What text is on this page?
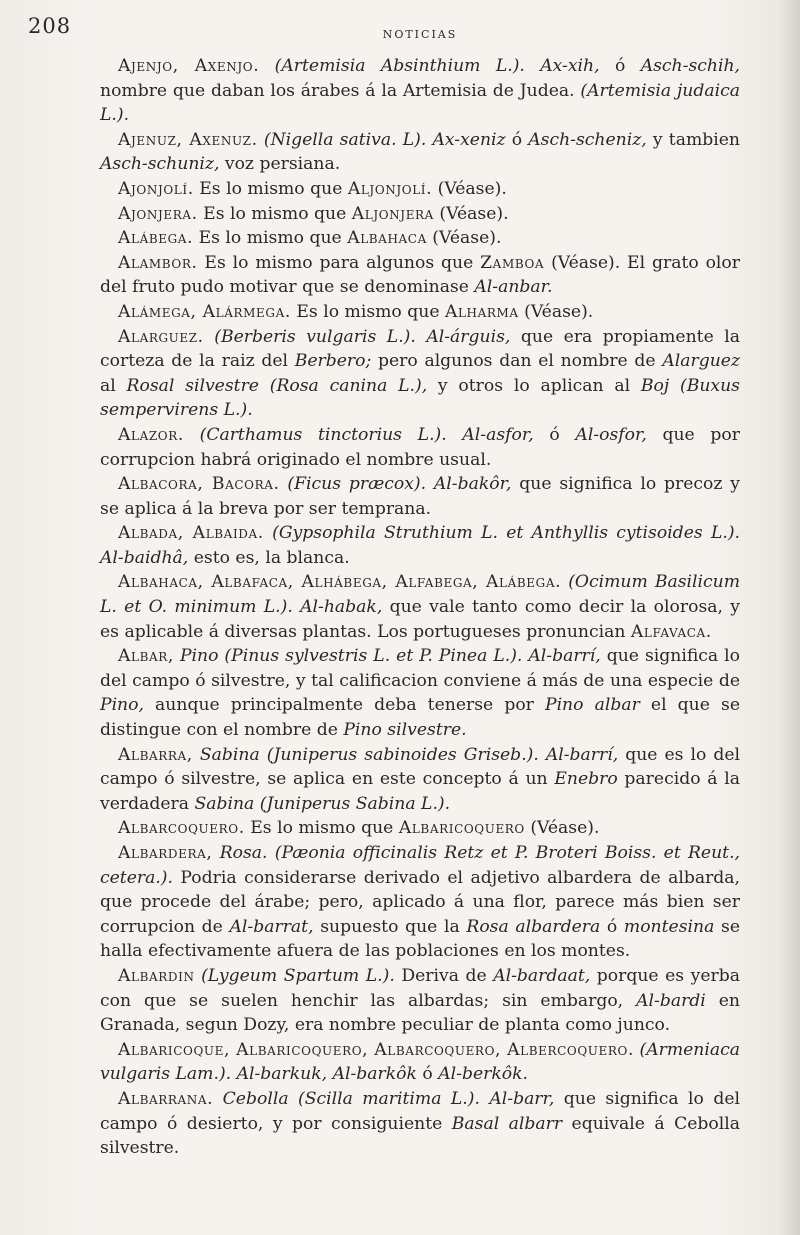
208	NOTICIAS

Ajenjo, Axenjo. (Artemisia Absinthium L.). Ax-xih, ó Asch-schih, nombre que daban los árabes á la Artemisia de Judea. (Artemisia judaica L.).

Ajenuz, Axenuz. (Nigella sativa. L). Ax-xeniz ó Asch-scheniz, y tambien Asch-schuniz, voz persiana.

Ajonjolí. Es lo mismo que Aljonjolí. (Véase).

Ajonjera. Es lo mismo que Aljonjera (Véase).

Alábega. Es lo mismo que Albahaca (Véase).

Alambor. Es lo mismo para algunos que Zamboa (Véase). El grato olor del fruto pudo motivar que se denominase Al-anbar.

Alámega, Alármega. Es lo mismo que Alharma (Véase).

Alarguez. (Berberis vulgaris L.). Al-árguis, que era propiamente la corteza de la raiz del Berbero; pero algunos dan el nombre de Alarguez al Rosal silvestre (Rosa canina L.), y otros lo aplican al Boj (Buxus sempervirens L.).

Alazor. (Carthamus tinctorius L.). Al-asfor, ó Al-osfor, que por corrupcion habrá originado el nombre usual.

Albacora, Bacora. (Ficus præcox). Al-bakôr, que significa lo precoz y se aplica á la breva por ser temprana.

Albada, Albaida. (Gypsophila Struthium L. et Anthyllis cytisoides L.). Al-baidhâ, esto es, la blanca.

Albahaca, Albafaca, Alhábega, Alfabega, Alábega. (Ocimum Basilicum L. et O. minimum L.). Al-habak, que vale tanto como decir la olorosa, y es aplicable á diversas plantas. Los portugueses pronuncian Alfavaca.

Albar, Pino (Pinus sylvestris L. et P. Pinea L.). Al-barrí, que significa lo del campo ó silvestre, y tal calificacion conviene á más de una especie de Pino, aunque principalmente deba tenerse por Pino albar el que se distingue con el nombre de Pino silvestre.

Albarra, Sabina (Juniperus sabinoides Griseb.). Al-barrí, que es lo del campo ó silvestre, se aplica en este concepto á un Enebro parecido á la verdadera Sabina (Juniperus Sabina L.).

Albarcoquero. Es lo mismo que Albaricoquero (Véase).

Albardera, Rosa. (Pæonia officinalis Retz et P. Broteri Boiss. et Reut., cetera.). Podria considerarse derivado el adjetivo albardera de albarda, que procede del árabe; pero, aplicado á una flor, parece más bien ser corrupcion de Al-barrat, supuesto que la Rosa albardera ó montesina se halla efectivamente afuera de las poblaciones en los montes.

Albardin (Lygeum Spartum L.). Deriva de Al-bardaat, porque es yerba con que se suelen henchir las albardas; sin embargo, Al-bardi en Granada, segun Dozy, era nombre peculiar de planta como junco.

Albaricoque, Albaricoquero, Albarcoquero, Albercoquero. (Armeniaca vulgaris Lam.). Al-barkuk, Al-barkôk ó Al-berkôk.

Albarrana. Cebolla (Scilla maritima L.). Al-barr, que significa lo del campo ó desierto, y por consiguiente Basal albarr equivale á Cebolla silvestre.
